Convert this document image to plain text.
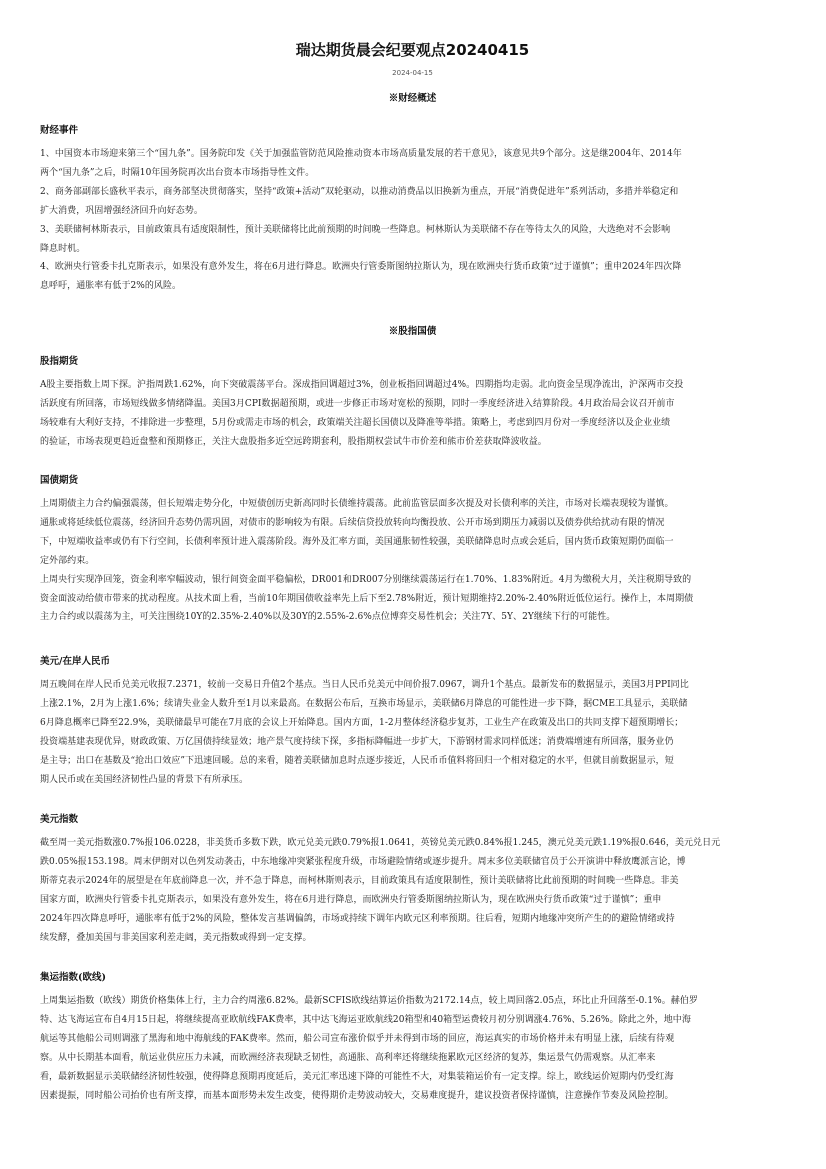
瑞达期货晨会纪要观点20240415
2024-04-15
※财经概述
财经事件

1、中国资本市场迎来第三个“国九条”。国务院印发《关于加强监管防范风险推动资本市场高质量发展的若干意见》，该意见共9个部分。这是继2004年、2014年

两个“国九条”之后，时隔10年国务院再次出台资本市场指导性文件。

2、商务部副部长盛秋平表示，商务部坚决贯彻落实，坚持“政策+活动”双轮驱动，以推动消费品以旧换新为重点，开展“消费促进年”系列活动，多措并举稳定和

扩大消费，巩固增强经济回升向好态势。

3、美联储柯林斯表示，目前政策具有适度限制性，预计美联储将比此前预期的时间晚一些降息。柯林斯认为美联储不存在等待太久的风险，大选绝对不会影响

降息时机。

4、欧洲央行管委卡扎克斯表示，如果没有意外发生，将在6月进行降息。欧洲央行管委斯图纳拉斯认为，现在欧洲央行货币政策“过于谨慎”；重申2024年四次降

息呼吁，通胀率有低于2%的风险。

※股指国债
股指期货

A股主要指数上周下探。沪指周跌1.62%，向下突破震荡平台。深成指回调超过3%，创业板指回调超过4%。四期指均走弱。北向资金呈现净流出，沪深两市交投

活跃度有所回落，市场短线做多情绪降温。美国3月CPI数据超预期，或进一步修正市场对宽松的预期，同时一季度经济进入结算阶段。4月政治局会议召开前市

场较难有大利好支持，不排除进一步整理，5月份或需走市场的机会，政策端关注超长国债以及降准等举措。策略上，考虑到四月份对一季度经济以及企业业绩

的验证，市场表现更趋近盘整和预期修正，关注大盘股指多近空远跨期套利，股指期权尝试牛市价差和熊市价差获取降波收益。

国债期货

上周期债主力合约偏强震荡，但长短端走势分化，中短债创历史新高同时长债维持震荡。此前监管层面多次提及对长债利率的关注，市场对长端表现较为谨慎。

通胀或将延续低位震荡，经济回升态势仍需巩固，对债市的影响较为有限。后续信贷投放转向均衡投放、公开市场到期压力减弱以及债券供给扰动有限的情况

下，中短端收益率或仍有下行空间，长债利率预计进入震荡阶段。海外及汇率方面，美国通胀韧性较强，美联储降息时点或会延后，国内货币政策短期仍面临一

定外部约束。

上周央行实现净回笼，资金利率窄幅波动，银行间资金面平稳偏松，DR001和DR007分别继续震荡运行在1.70%、1.83%附近。4月为缴税大月，关注税期导致的

资金面波动给债市带来的扰动程度。从技术面上看，当前10年期国债收益率先上后下至2.78%附近，预计短期维持2.20%-2.40%附近低位运行。操作上，本周期债

主力合约或以震荡为主，可关注围绕10Y的2.35%-2.40%以及30Y的2.55%-2.6%点位博弈交易性机会；关注7Y、5Y、2Y继续下行的可能性。

美元/在岸人民币

周五晚间在岸人民币兑美元收报7.2371，较前一交易日升值2个基点。当日人民币兑美元中间价报7.0967，调升1个基点。最新发布的数据显示，美国3月PPI同比

上涨2.1%，2月为上涨1.6%；续请失业金人数升至1月以来最高。在数据公布后，互换市场显示，美联储6月降息的可能性进一步下降，据CME工具显示，美联储

6月降息概率已降至22.9%，美联储最早可能在7月底的会议上开始降息。国内方面，1-2月整体经济稳步复苏，工业生产在政策及出口的共同支撑下超预期增长；

投资端基建表现优异，财政政策、万亿国债持续显效；地产景气度持续下探，多指标降幅进一步扩大，下游钢材需求同样低迷；消费端增速有所回落，服务业仍

是主导；出口在基数及“抢出口效应”下迅速回暖。总的来看，随着美联储加息时点逐步接近，人民币币值料将回归一个相对稳定的水平，但就目前数据显示，短

期人民币或在美国经济韧性凸显的背景下有所承压。

美元指数

截至周一美元指数涨0.7%报106.0228，非美货币多数下跌，欧元兑美元跌0.79%报1.0641，英镑兑美元跌0.84%报1.245，澳元兑美元跌1.19%报0.646，美元兑日元

跌0.05%报153.198。周末伊朗对以色列发动袭击，中东地缘冲突紧张程度升级，市场避险情绪或逐步提升。周末多位美联储官员于公开演讲中释放鹰派言论，博

斯蒂克表示2024年的展望是在年底前降息一次，并不急于降息，而柯林斯则表示，目前政策具有适度限制性，预计美联储将比此前预期的时间晚一些降息。非美

国家方面，欧洲央行管委卡扎克斯表示，如果没有意外发生，将在6月进行降息，而欧洲央行管委斯图纳拉斯认为，现在欧洲央行货币政策“过于谨慎”；重申

2024年四次降息呼吁，通胀率有低于2%的风险，整体发言基调偏鸽，市场或持续下调年内欧元区利率预期。往后看，短期内地缘冲突所产生的的避险情绪或持

续发酵，叠加美国与非美国家利差走阔，美元指数或得到一定支撑。

集运指数(欧线)

上周集运指数（欧线）期货价格集体上行，主力合约周涨6.82%。最新SCFIS欧线结算运价指数为2172.14点，较上周回落2.05点，环比止升回落至-0.1%。赫伯罗

特、达飞海运宣布自4月15日起，将继续提高亚欧航线FAK费率，其中达飞海运亚欧航线20箱型和40箱型运费较月初分别调涨4.76%、5.26%。除此之外，地中海

航运等其他船公司则调涨了黑海和地中海航线的FAK费率。然而，船公司宣布涨价似乎并未得到市场的回应，海运真实的市场价格并未有明显上涨，后续有待观

察。从中长期基本面看，航运业供应压力未减，而欧洲经济表现缺乏韧性，高通胀、高利率还将继续拖累欧元区经济的复苏，集运景气仍需观察。从汇率来

看，最新数据显示美联储经济韧性较强，使得降息预期再度延后，美元汇率迅速下降的可能性不大，对集装箱运价有一定支撑。综上，欧线运价短期内仍受红海

因素提振，同时船公司抬价也有所支撑，而基本面形势未发生改变，使得期价走势波动较大，交易难度提升，建议投资者保持谨慎，注意操作节奏及风险控制。
